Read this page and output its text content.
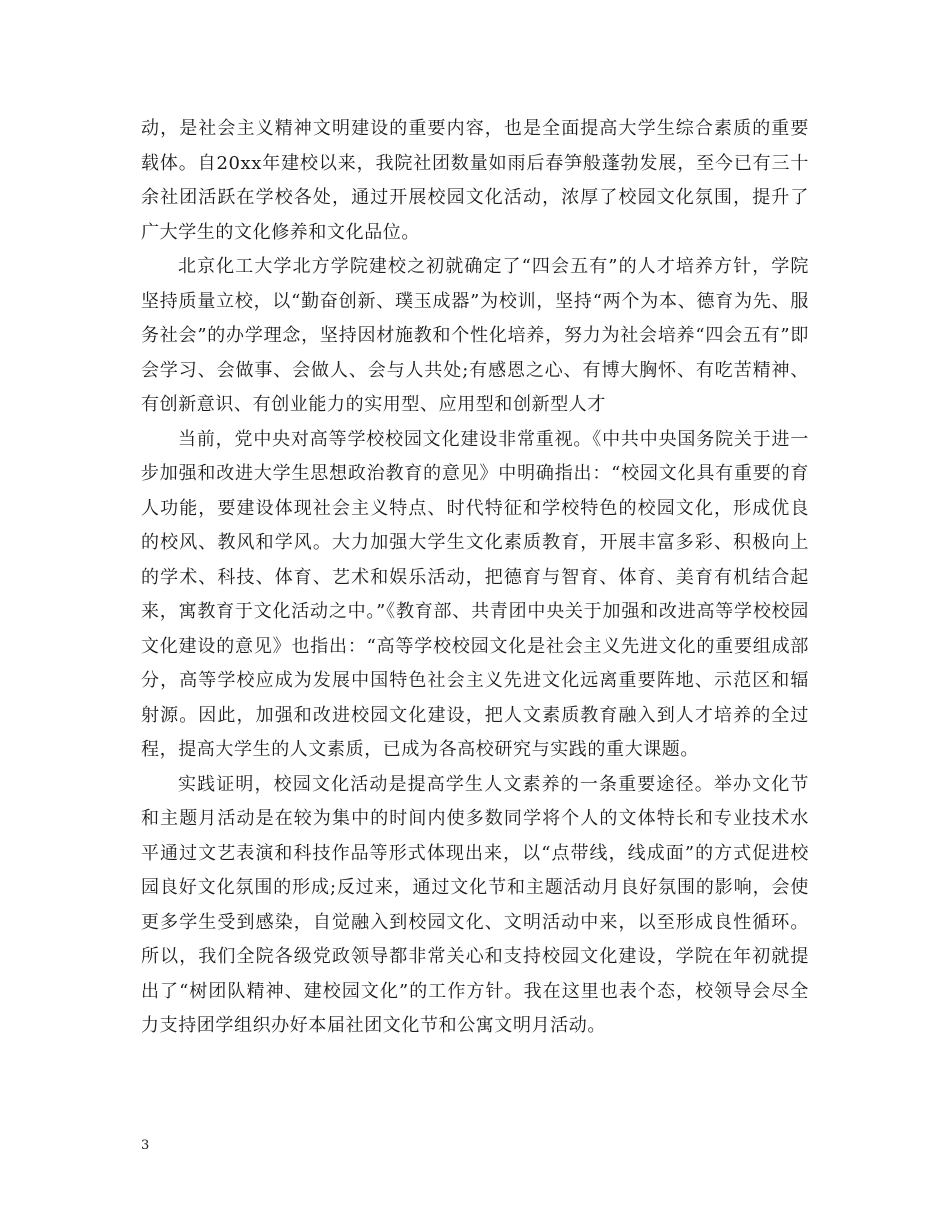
动，是社会主义精神文明建设的重要内容，也是全面提高大学生综合素质的重要载体。自20xx年建校以来，我院社团数量如雨后春笋般蓬勃发展，至今已有三十余社团活跃在学校各处，通过开展校园文化活动，浓厚了校园文化氛围，提升了广大学生的文化修养和文化品位。

北京化工大学北方学院建校之初就确定了“四会五有”的人才培养方针，学院坚持质量立校，以“勤奋创新、璞玉成器”为校训，坚持“两个为本、德育为先、服务社会”的办学理念，坚持因材施教和个性化培养，努力为社会培养“四会五有”即会学习、会做事、会做人、会与人共处;有感恩之心、有博大胸怀、有吃苦精神、有创新意识、有创业能力的实用型、应用型和创新型人才

当前，党中央对高等学校校园文化建设非常重视。《中共中央国务院关于进一步加强和改进大学生思想政治教育的意见》中明确指出：“校园文化具有重要的育人功能，要建设体现社会主义特点、时代特征和学校特色的校园文化，形成优良的校风、教风和学风。大力加强大学生文化素质教育，开展丰富多彩、积极向上的学术、科技、体育、艺术和娱乐活动，把德育与智育、体育、美育有机结合起来，寓教育于文化活动之中。”《教育部、共青团中央关于加强和改进高等学校校园文化建设的意见》也指出：“高等学校校园文化是社会主义先进文化的重要组成部分，高等学校应成为发展中国特色社会主义先进文化远离重要阵地、示范区和辐射源。因此，加强和改进校园文化建设，把人文素质教育融入到人才培养的全过程，提高大学生的人文素质，已成为各高校研究与实践的重大课题。

实践证明，校园文化活动是提高学生人文素养的一条重要途径。举办文化节和主题月活动是在较为集中的时间内使多数同学将个人的文体特长和专业技术水平通过文艺表演和科技作品等形式体现出来，以“点带线，线成面”的方式促进校园良好文化氛围的形成;反过来，通过文化节和主题活动月良好氛围的影响，会使更多学生受到感染，自觉融入到校园文化、文明活动中来，以至形成良性循环。所以，我们全院各级党政领导都非常关心和支持校园文化建设，学院在年初就提出了“树团队精神、建校园文化”的工作方针。我在这里也表个态，校领导会尽全力支持团学组织办好本届社团文化节和公寓文明月活动。

3
